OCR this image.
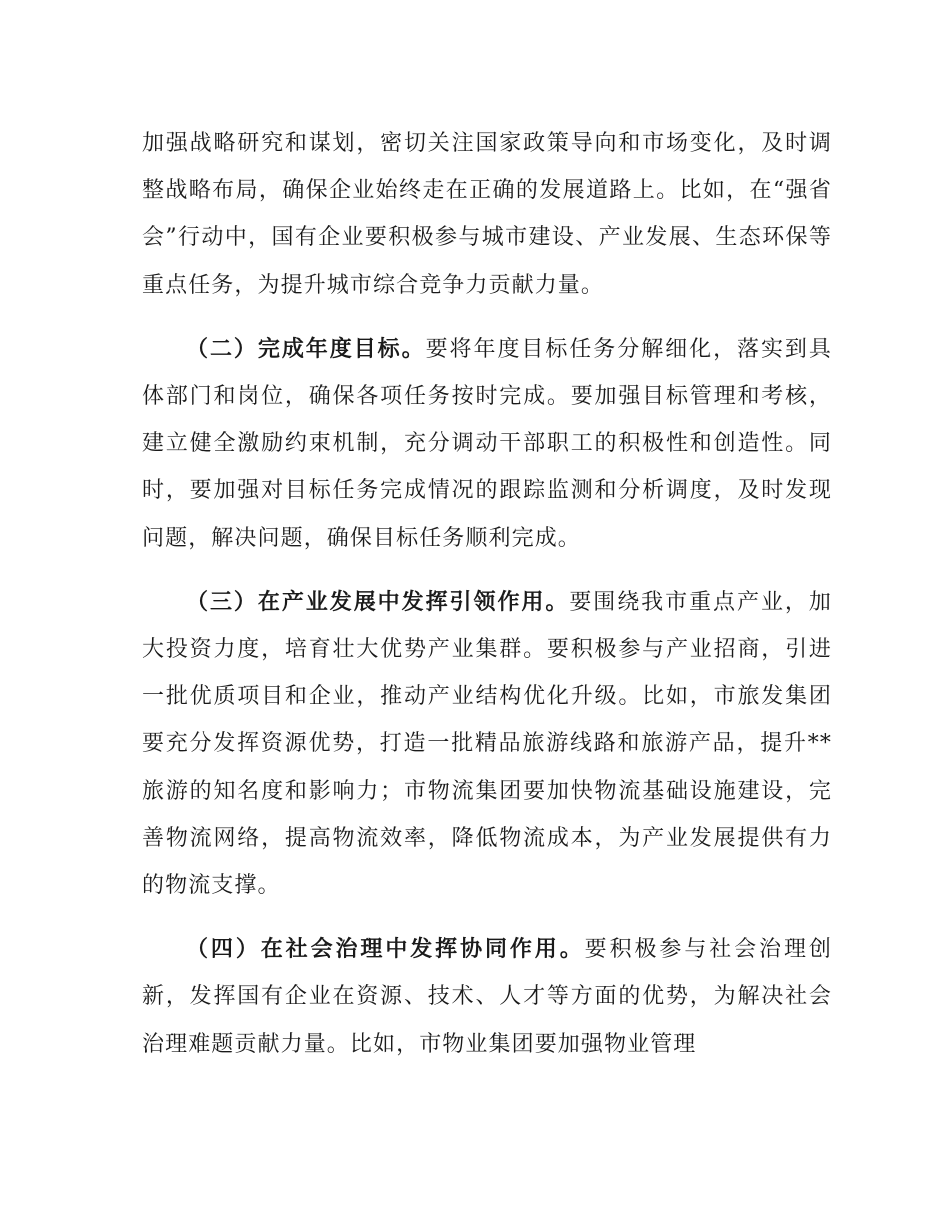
加强战略研究和谋划，密切关注国家政策导向和市场变化，及时调整战略布局，确保企业始终走在正确的发展道路上。比如，在“强省会”行动中，国有企业要积极参与城市建设、产业发展、生态环保等重点任务，为提升城市综合竞争力贡献力量。

（二）完成年度目标。要将年度目标任务分解细化，落实到具体部门和岗位，确保各项任务按时完成。要加强目标管理和考核，建立健全激励约束机制，充分调动干部职工的积极性和创造性。同时，要加强对目标任务完成情况的跟踪监测和分析调度，及时发现问题，解决问题，确保目标任务顺利完成。

（三）在产业发展中发挥引领作用。要围绕我市重点产业，加大投资力度，培育壮大优势产业集群。要积极参与产业招商，引进一批优质项目和企业，推动产业结构优化升级。比如，市旅发集团要充分发挥资源优势，打造一批精品旅游线路和旅游产品，提升**旅游的知名度和影响力；市物流集团要加快物流基础设施建设，完善物流网络，提高物流效率，降低物流成本，为产业发展提供有力的物流支撑。

（四）在社会治理中发挥协同作用。要积极参与社会治理创新，发挥国有企业在资源、技术、人才等方面的优势，为解决社会治理难题贡献力量。比如，市物业集团要加强物业管理
